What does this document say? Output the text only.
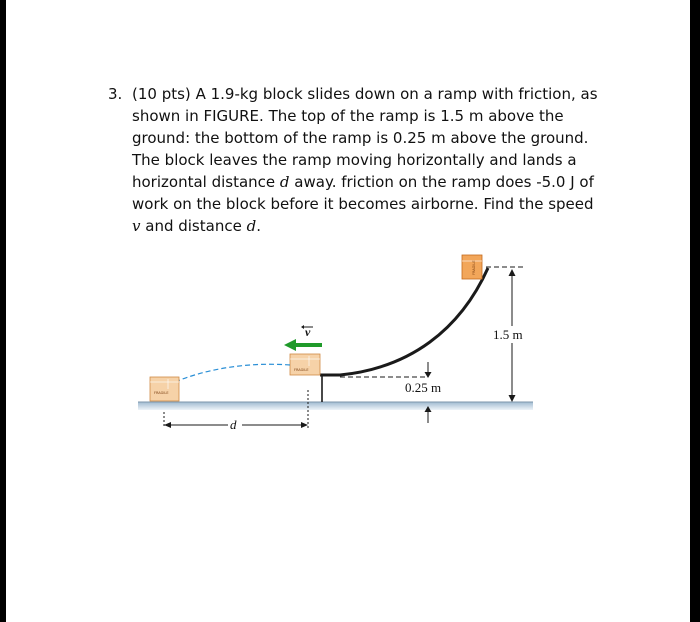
3. (10 pts) A 1.9-kg block slides down on a ramp with friction, as shown in FIGURE. The top of the ramp is 1.5 m above the ground: the bottom of the ramp is 0.25 m above the ground. The block leaves the ramp moving horizontally and lands a horizontal distance d away. friction on the ramp does -5.0 J of work on the block before it becomes airborne. Find the speed v and distance d.
0.25 m
1.5 m
FRAGILE
FRAGILE
v
FRAGILE
d
